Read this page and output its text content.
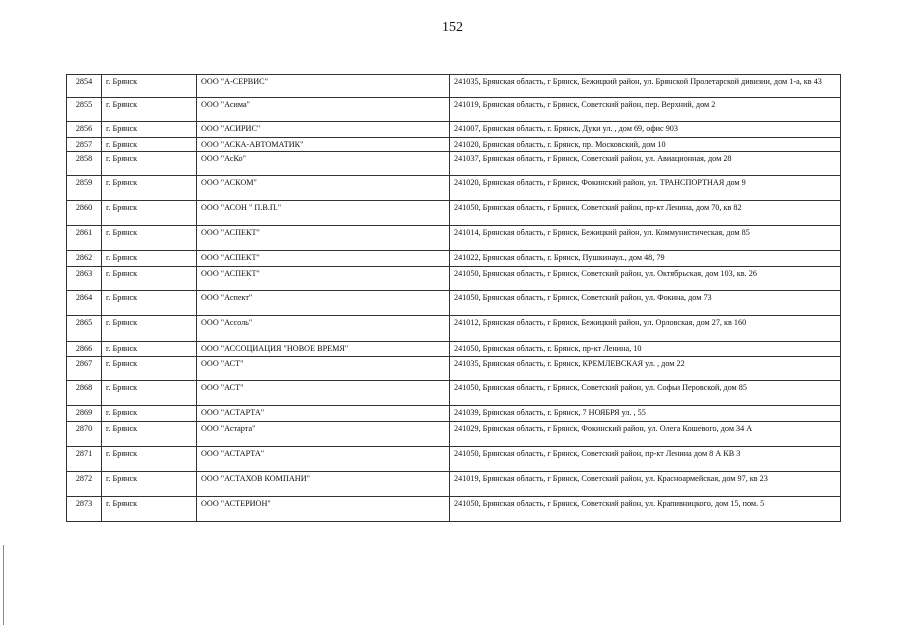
152
2854	г. Брянск	ООО "А-СЕРВИС"	241035, Брянская область, г Брянск, Бежицкий район, ул. Брянской Пролетарской дивизии, дом 1-а, кв 43
2855	г. Брянск	ООО "Асима"	241019, Брянская область, г Брянск, Советский район, пер. Верхний, дом 2
2856	г. Брянск	ООО "АСИРИС"	241007, Брянская область, г. Брянск, Дуки ул. , дом 69, офис 903
2857	г. Брянск	ООО "АСКА-АВТОМАТИК"	241020, Брянская область, г. Брянск, пр. Московский, дом 10
2858	г. Брянск	ООО "АсКо"	241037, Брянская область, г Брянск, Советский район, ул. Авиационная, дом 28
2859	г. Брянск	ООО "АСКОМ"	241020, Брянская область, г Брянск, Фокинский район, ул. ТРАНСПОРТНАЯ дом 9
2860	г. Брянск	ООО "АСОН " П.В.П."	241050, Брянская область, г Брянск, Советский район, пр-кт Ленина, дом 70, кв 82
2861	г. Брянск	ООО "АСПЕКТ"	241014, Брянская область, г Брянск, Бежицкий район, ул. Коммунистическая, дом 85
2862	г. Брянск	ООО "АСПЕКТ"	241022, Брянская область, г. Брянск, Пушкинаул., дом 48, 79
2863	г. Брянск	ООО "АСПЕКТ"	241050, Брянская область, г Брянск, Советский район, ул. Октябрьская, дом 103, кв. 26
2864	г. Брянск	ООО "Аспект"	241050, Брянская область, г Брянск, Советский район, ул. Фокина, дом 73
2865	г. Брянск	ООО "Ассоль"	241012, Брянская область, г Брянск, Бежицкий район, ул. Орловская, дом 27, кв 160
2866	г. Брянск	ООО "АССОЦИАЦИЯ "НОВОЕ ВРЕМЯ"	241050, Брянская область, г. Брянск, пр-кт Ленина, 10
2867	г. Брянск	ООО "АСТ"	241035, Брянская область, г. Брянск, КРЕМЛЕВСКАЯ ул. , дом 22
2868	г. Брянск	ООО "АСТ"	241050, Брянская область, г Брянск, Советский район, ул. Софьи Перовской, дом 85
2869	г. Брянск	ООО "АСТАРТА"	241039, Брянская область, г. Брянск, 7 НОЯБРЯ ул. , 55
2870	г. Брянск	ООО "Астарта"	241029, Брянская область, г Брянск, Фокинский район, ул. Олега Кошевого, дом 34 А
2871	г. Брянск	ООО "АСТАРТА"	241050, Брянская область, г Брянск, Советский район, пр-кт Ленина дом 8 А КВ 3
2872	г. Брянск	ООО "АСТАХОВ КОМПАНИ"	241019, Брянская область, г Брянск, Советский район, ул. Красноармейская, дом 97, кв 23
2873	г. Брянск	ООО "АСТЕРИОН"	241050, Брянская область, г Брянск, Советский район, ул. Крапивницкого, дом 15, пом. 5
